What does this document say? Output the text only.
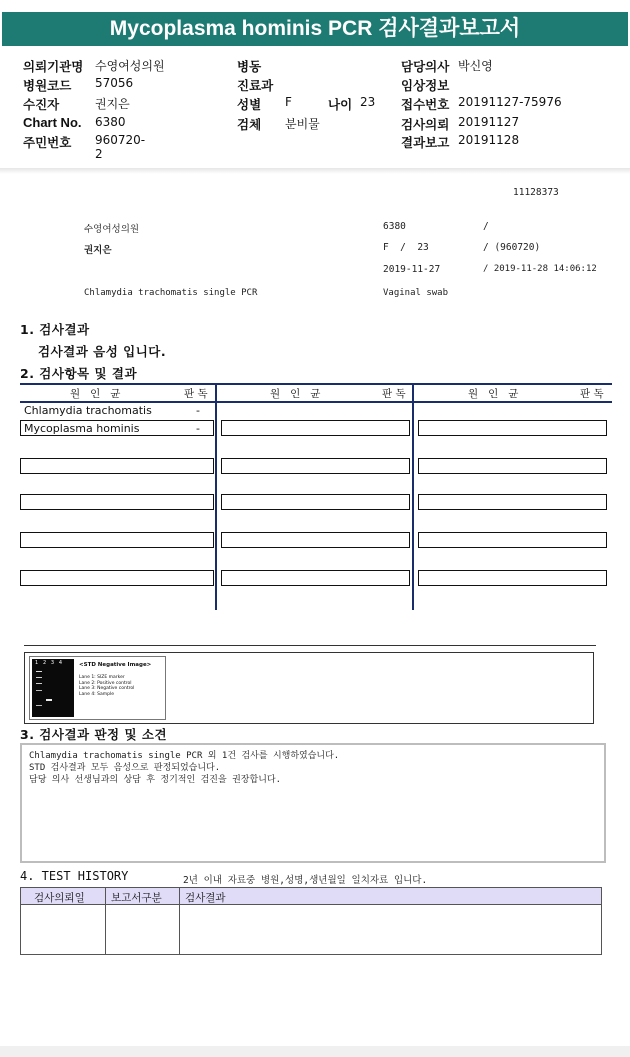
Mycoplasma hominis PCR 검사결과보고서
의뢰기관명 수영여성의원
병원코드 57056
수진자	권지은
Chart No. 6380
주민번호 960720-2
병동
진료과
성별 F	나이 23
검체 분비물
담당의사 박신영
임상정보
접수번호 20191127-75976
검사의뢰 20191127
결과보고 20191128
11128373
수영여성의원	6380	/
권지은	F  /  23	/ (960720)
2019-11-27	/ 2019-11-28 14:06:12
Chlamydia trachomatis single PCR	Vaginal swab
1. 검사결과
검사결과 음성 입니다.
2. 검사항목 및 결과
원   인   균	판 독	원   인   균	판 독	원   인   균	판 독
Chlamydia trachomatis	-
Mycoplasma hominis	-
1   2   3   4	<STD Negative Image>
Lane 1: SIZE marker
Lane 2: Positive control
Lane 3: Negative control
Lane 4: Sample
3. 검사결과 판정 및 소견
Chlamydia trachomatis single PCR 외 1건 검사를 시행하였습니다.
STD 검사결과 모두 음성으로 판정되었습니다.
담당 의사 선생님과의 상담 후 정기적인 검진을 권장합니다.
4. TEST HISTORY	2년 이내 자료중 병원,성명,생년월일 일치자료 입니다.
검사의뢰일	보고서구분 검사결과
